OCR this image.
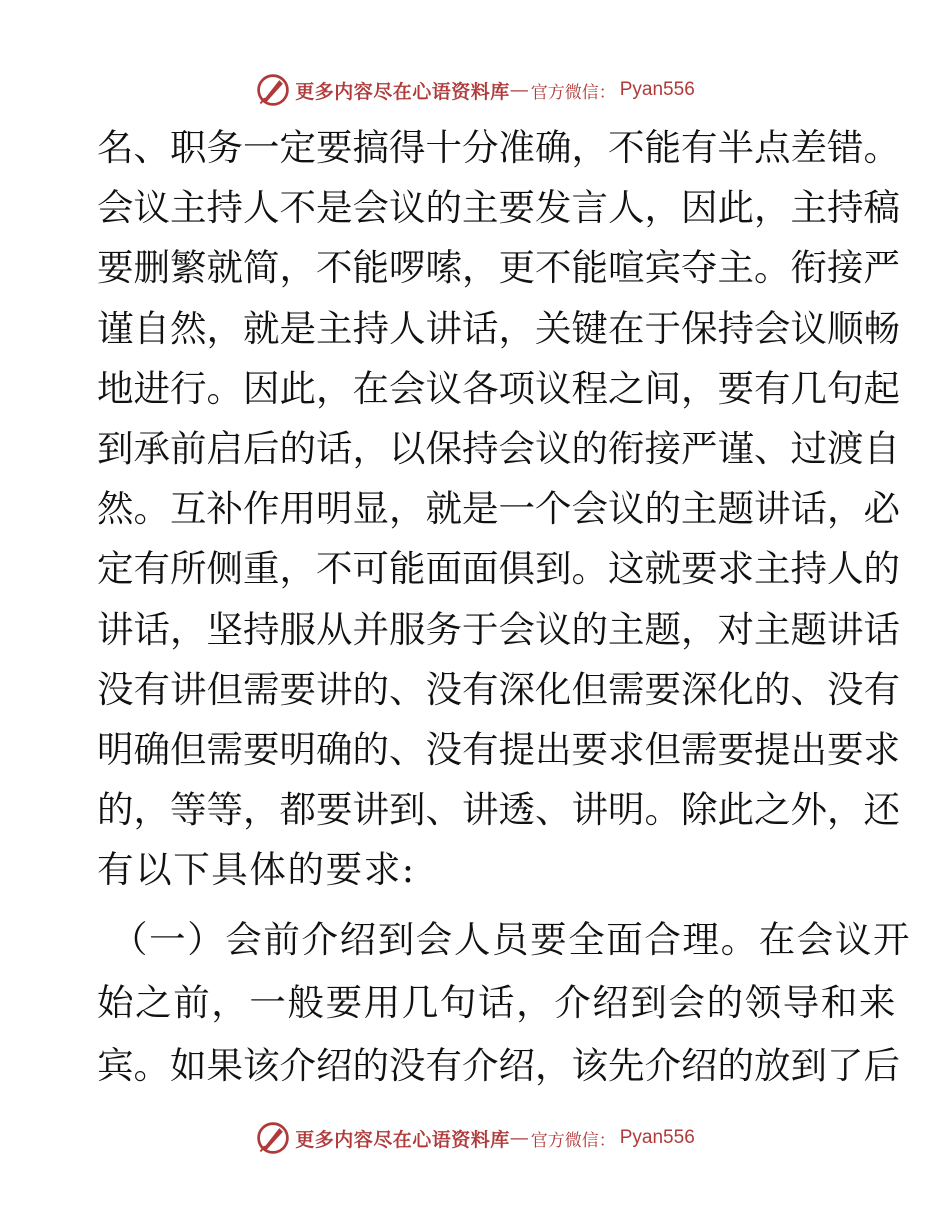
更多内容尽在心语资料库 — 官方微信： Pyan556
名、职务一定要搞得十分准确，不能有半点差错。
会议主持人不是会议的主要发言人，因此，主持稿
要删繁就简，不能啰嗦，更不能喧宾夺主。衔接严
谨自然，就是主持人讲话，关键在于保持会议顺畅
地进行。因此，在会议各项议程之间，要有几句起
到承前启后的话，以保持会议的衔接严谨、过渡自
然。互补作用明显，就是一个会议的主题讲话，必
定有所侧重，不可能面面俱到。这就要求主持人的
讲话，坚持服从并服务于会议的主题，对主题讲话
没有讲但需要讲的、没有深化但需要深化的、没有
明确但需要明确的、没有提出要求但需要提出要求
的，等等，都要讲到、讲透、讲明。除此之外，还
有以下具体的要求:
（一）会前介绍到会人员要全面合理。在会议开
始之前，一般要用几句话，介绍到会的领导和来
宾。如果该介绍的没有介绍，该先介绍的放到了后
更多内容尽在心语资料库 — 官方微信： Pyan556
